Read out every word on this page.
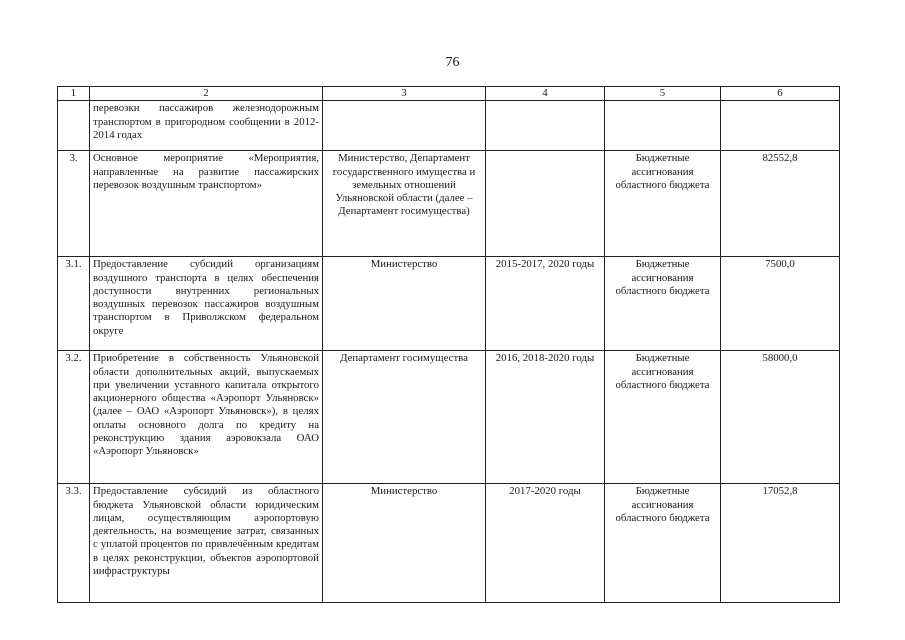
76
1	2	3	4	5	6
	перевозки пассажиров железнодорожным транспортом в пригородном сообщении в 2012-2014 годах				
3.	Основное мероприятие «Мероприятия, направленные на развитие пассажирских перевозок воздушным транспортом»	Министерство, Департамент государственного имущества и земельных отношений Ульяновской области (далее – Департамент госимущества)		Бюджетные ассигнования областного бюджета	82552,8
3.1.	Предоставление субсидий организациям воздушного транспорта в целях обеспечения доступности внутренних региональных воздушных перевозок пассажиров воздушным транспортом в Приволжском федеральном округе	Министерство	2015-2017, 2020 годы	Бюджетные ассигнования областного бюджета	7500,0
3.2.	Приобретение в собственность Ульяновской области дополнительных акций, выпускаемых при увеличении уставного капитала открытого акционерного общества «Аэропорт Ульяновск» (далее – ОАО «Аэропорт Ульяновск»), в целях оплаты основного долга по кредиту на реконструкцию здания аэровокзала ОАО «Аэропорт Ульяновск»	Департамент госимущества	2016, 2018-2020 годы	Бюджетные ассигнования областного бюджета	58000,0
3.3.	Предоставление субсидий из областного бюджета Ульяновской области юридическим лицам, осуществляющим аэропортовую деятельность, на возмещение затрат, связанных с уплатой процентов по привлечённым кредитам в целях реконструкции, объектов аэропортовой инфраструктуры	Министерство	2017-2020 годы	Бюджетные ассигнования областного бюджета	17052,8
